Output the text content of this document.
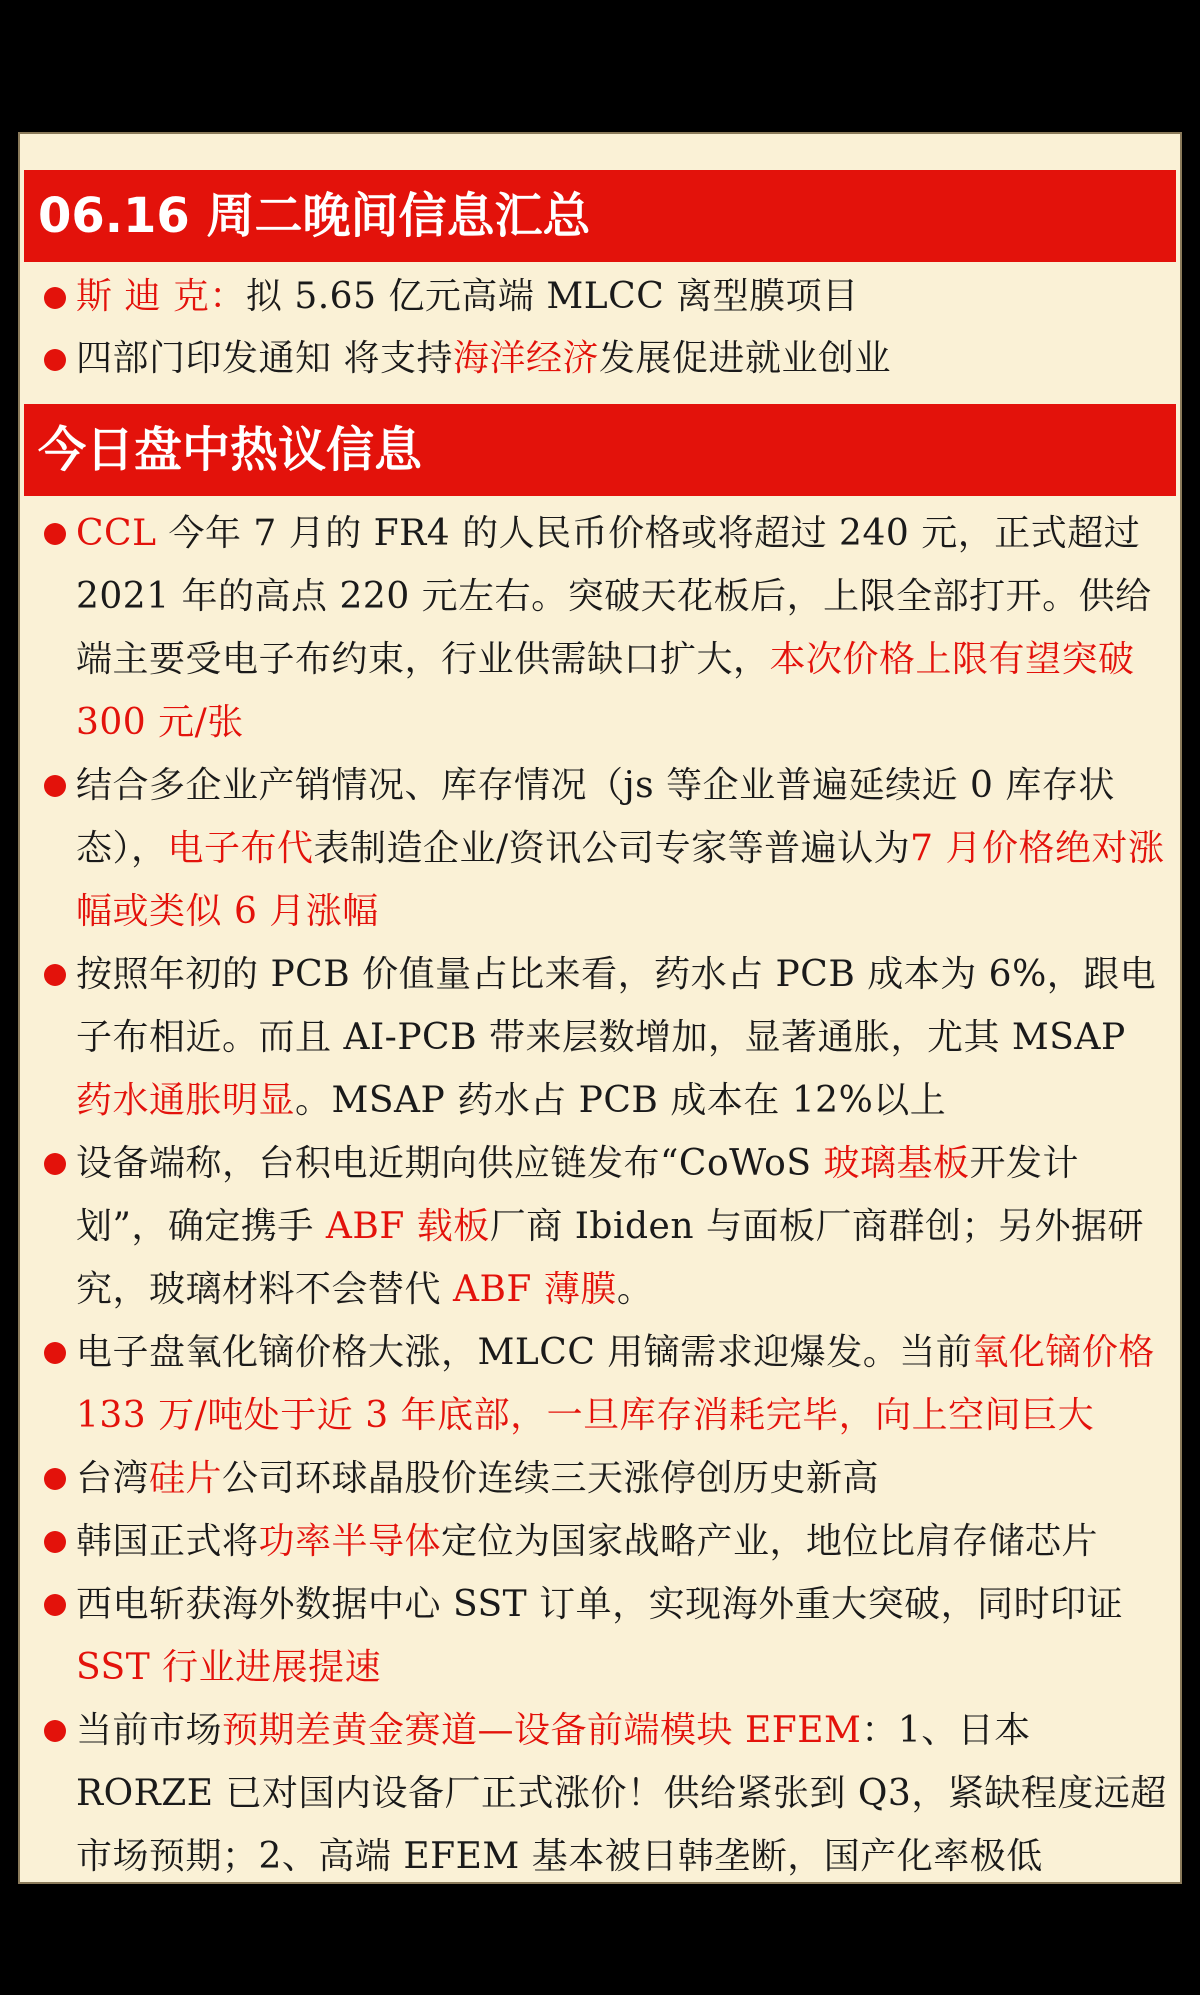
06.16 周二晚间信息汇总
斯 迪 克：拟 5.65 亿元高端 MLCC 离型膜项目
四部门印发通知 将支持海洋经济发展促进就业创业
今日盘中热议信息
CCL 今年 7 月的 FR4 的人民币价格或将超过 240 元，正式超过 2021 年的高点 220 元左右。突破天花板后，上限全部打开。供给端主要受电子布约束，行业供需缺口扩大，本次价格上限有望突破 300 元/张
结合多企业产销情况、库存情况（js 等企业普遍延续近 0 库存状态），电子布代表制造企业/资讯公司专家等普遍认为7 月价格绝对涨幅或类似 6 月涨幅
按照年初的 PCB 价值量占比来看，药水占 PCB 成本为 6%，跟电子布相近。而且 AI-PCB 带来层数增加，显著通胀，尤其 MSAP 药水通胀明显。MSAP 药水占 PCB 成本在 12%以上
设备端称，台积电近期向供应链发布“CoWoS 玻璃基板开发计划”，确定携手 ABF 载板厂商 Ibiden 与面板厂商群创；另外据研究，玻璃材料不会替代 ABF 薄膜。
电子盘氧化镝价格大涨，MLCC 用镝需求迎爆发。当前氧化镝价格 133 万/吨处于近 3 年底部，一旦库存消耗完毕，向上空间巨大
台湾硅片公司环球晶股价连续三天涨停创历史新高
韩国正式将功率半导体定位为国家战略产业，地位比肩存储芯片
西电斩获海外数据中心 SST 订单，实现海外重大突破，同时印证 SST 行业进展提速
当前市场预期差黄金赛道—设备前端模块 EFEM：1、日本 RORZE 已对国内设备厂正式涨价！供给紧张到 Q3，紧缺程度远超市场预期；2、高端 EFEM 基本被日韩垄断，国产化率极低
